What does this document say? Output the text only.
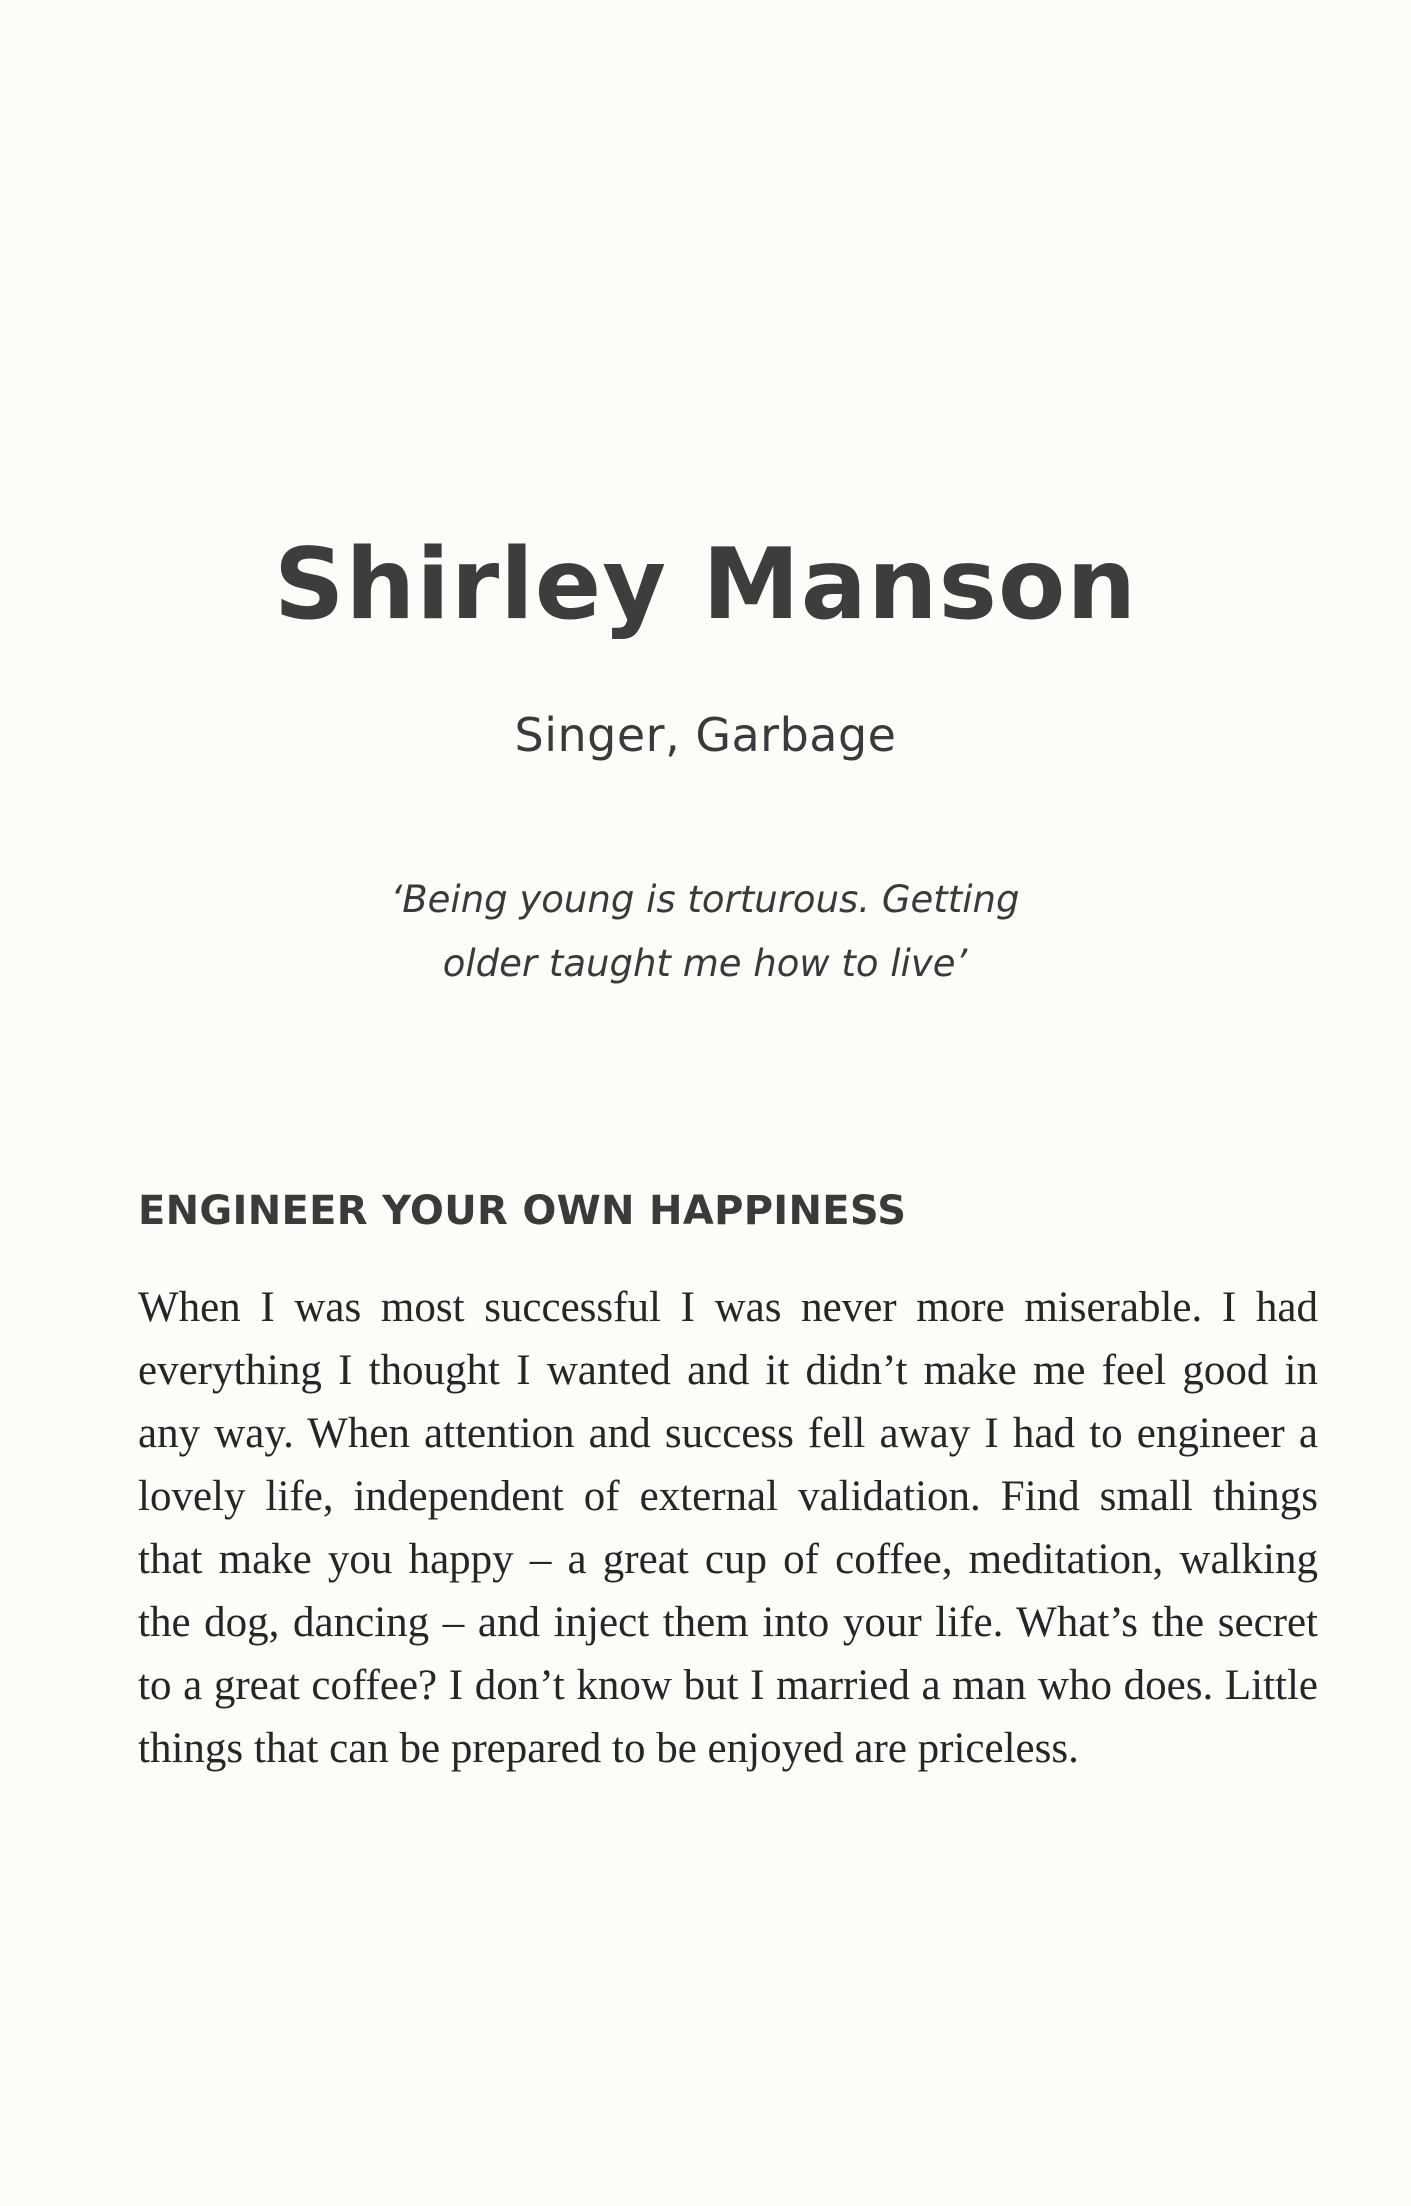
Shirley Manson

Singer, Garbage

‘Being young is torturous. Getting older taught me how to live’

ENGINEER YOUR OWN HAPPINESS

When I was most successful I was never more miserable. I had everything I thought I wanted and it didn’t make me feel good in any way. When attention and success fell away I had to engineer a lovely life, independent of external validation. Find small things that make you happy – a great cup of coffee, meditation, walking the dog, dancing – and inject them into your life. What’s the secret to a great coffee? I don’t know but I married a man who does. Little things that can be prepared to be enjoyed are priceless.
